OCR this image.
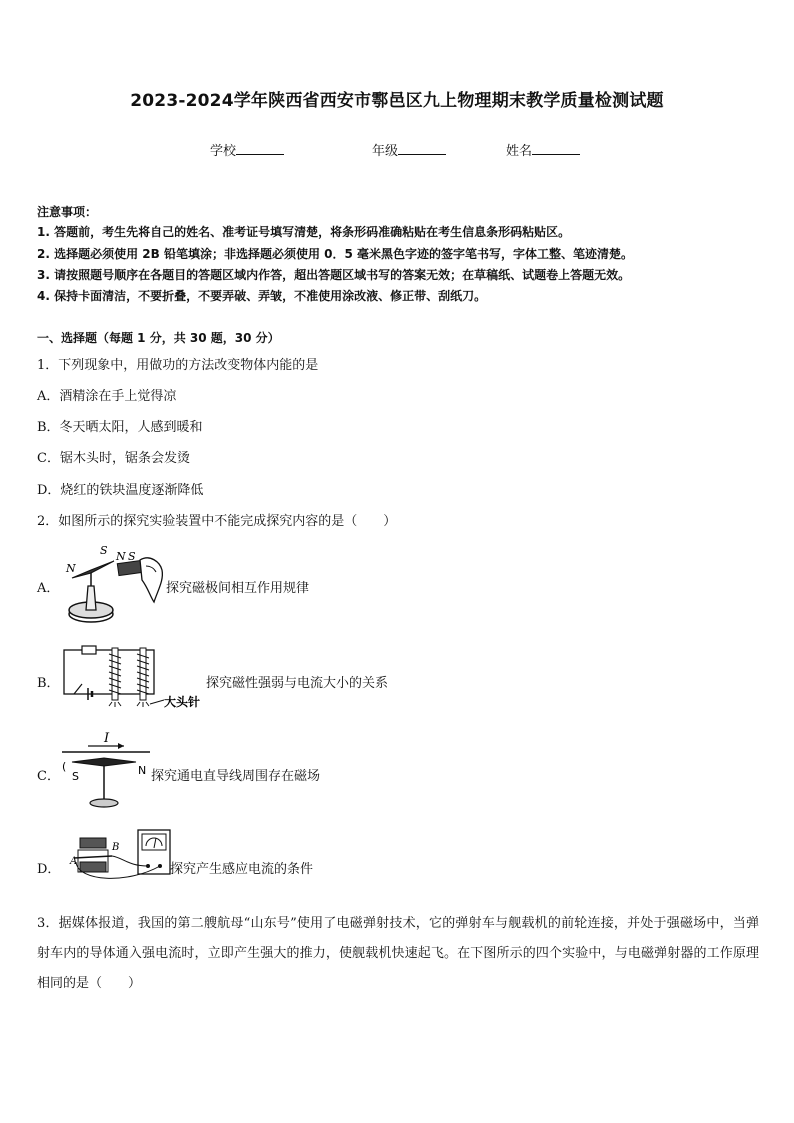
2023-2024学年陕西省西安市鄠邑区九上物理期末教学质量检测试题
学校	年级	姓名
注意事项：
1. 答题前，考生先将自己的姓名、准考证号填写清楚，将条形码准确粘贴在考生信息条形码粘贴区。
2. 选择题必须使用 2B 铅笔填涂；非选择题必须使用 0．5 毫米黑色字迹的签字笔书写，字体工整、笔迹清楚。
3. 请按照题号顺序在各题目的答题区域内作答，超出答题区域书写的答案无效；在草稿纸、试题卷上答题无效。
4. 保持卡面清洁，不要折叠，不要弄破、弄皱，不准使用涂改液、修正带、刮纸刀。
一、选择题（每题 1 分，共 30 题，30 分）
1．下列现象中，用做功的方法改变物体内能的是
A．酒精涂在手上觉得凉
B．冬天晒太阳，人感到暖和
C．锯木头时，锯条会发烫
D．烧红的铁块温度逐渐降低
2．如图所示的探究实验装置中不能完成探究内容的是（　　）
A．
N
S N S
探究磁极间相互作用规律
B．
大头针
探究磁性强弱与电流大小的关系
I
(
S	N
C．	探究通电直导线周围存在磁场
D．
A
B
探究产生感应电流的条件
3．据媒体报道，我国的第二艘航母“山东号”使用了电磁弹射技术，它的弹射车与舰载机的前轮连接，并处于强磁场中，当弹射车内的导体通入强电流时，立即产生强大的推力，使舰载机快速起飞。在下图所示的四个实验中，与电磁弹射器的工作原理相同的是（　　）
